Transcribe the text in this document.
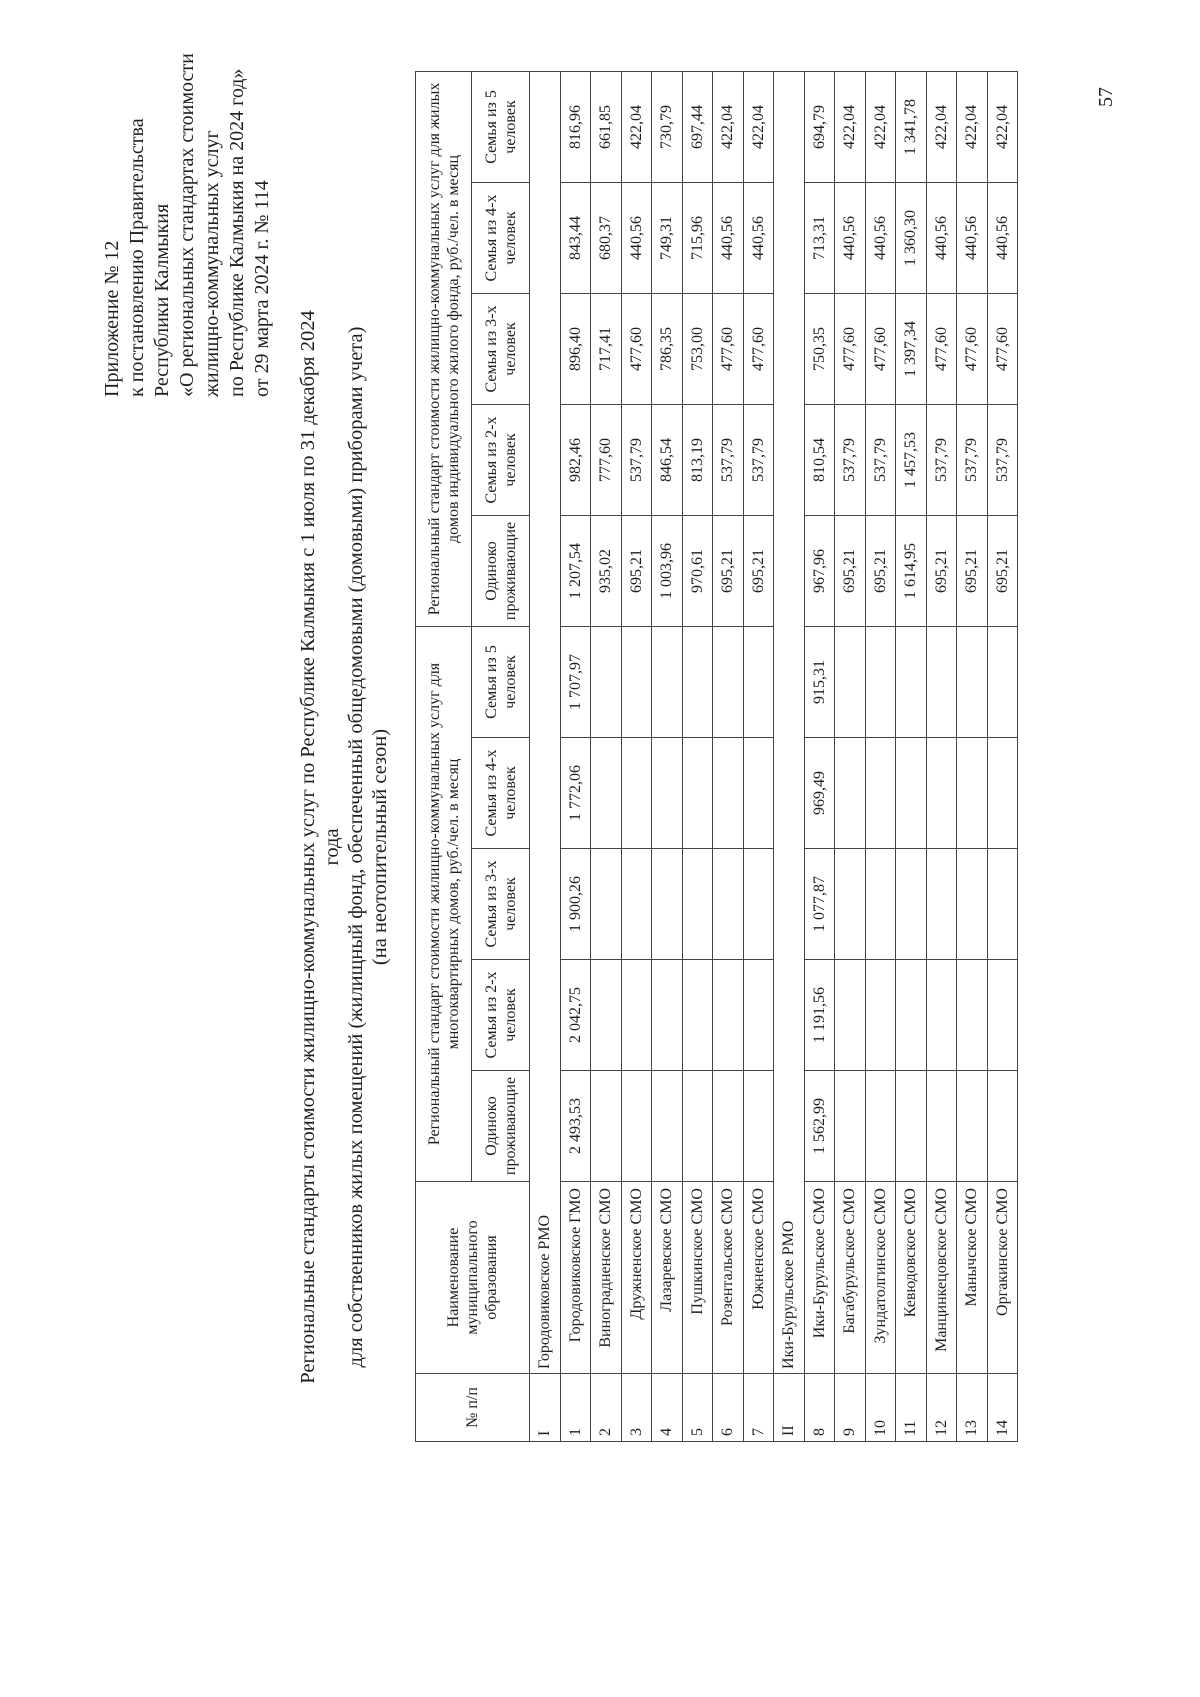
Приложение № 12 к постановлению Правительства Республики Калмыкия «О региональных стандартах стоимости жилищно-коммунальных услуг по Республике Калмыкия на 2024 год» от 29 марта 2024 г. № 114
Региональные стандарты стоимости жилищно-коммунальных услуг по Республике Калмыкия с 1 июля по 31 декабря 2024 года для собственников жилых помещений (жилищный фонд, обеспеченный общедомовыми (домовыми) приборами учета) (на неотопительный сезон)
№ п/п	Наименование муниципального образования	Региональный стандарт стоимости жилищно-коммунальных услуг для многоквартирных домов, руб./чел. в месяц					Региональный стандарт стоимости жилищно-коммунальных услуг для жилых домов индивидуального жилого фонда, руб./чел. в месяц				
		Одиноко проживающие	Семья из 2-х человек	Семья из 3-х человек	Семья из 4-х человек	Семья из 5 человек	Одиноко проживающие	Семья из 2-х человек	Семья из 3-х человек	Семья из 4-х человек	Семья из 5 человек
I	Городовиковское РМО										
1	Городовиковское ГМО	2 493,53	2 042,75	1 900,26	1 772,06	1 707,97	1 207,54	982,46	896,40	843,44	816,96
2	Виноградненское СМО						935,02	777,60	717,41	680,37	661,85
3	Дружненское СМО						695,21	537,79	477,60	440,56	422,04
4	Лазаревское СМО						1 003,96	846,54	786,35	749,31	730,79
5	Пушкинское СМО						970,61	813,19	753,00	715,96	697,44
6	Розентальское СМО						695,21	537,79	477,60	440,56	422,04
7	Южненское СМО						695,21	537,79	477,60	440,56	422,04
II	Ики-Бурульское РМО										
8	Ики-Бурульское СМО	1 562,99	1 191,56	1 077,87	969,49	915,31	967,96	810,54	750,35	713,31	694,79
9	Багабурульское СМО						695,21	537,79	477,60	440,56	422,04
10	Зундатолгинское СМО						695,21	537,79	477,60	440,56	422,04
11	Кевюдовское СМО						1 614,95	1 457,53	1 397,34	1 360,30	1 341,78
12	Манцинкецовское СМО						695,21	537,79	477,60	440,56	422,04
13	Манычское СМО						695,21	537,79	477,60	440,56	422,04
14	Оргакинское СМО						695,21	537,79	477,60	440,56	422,04
57
